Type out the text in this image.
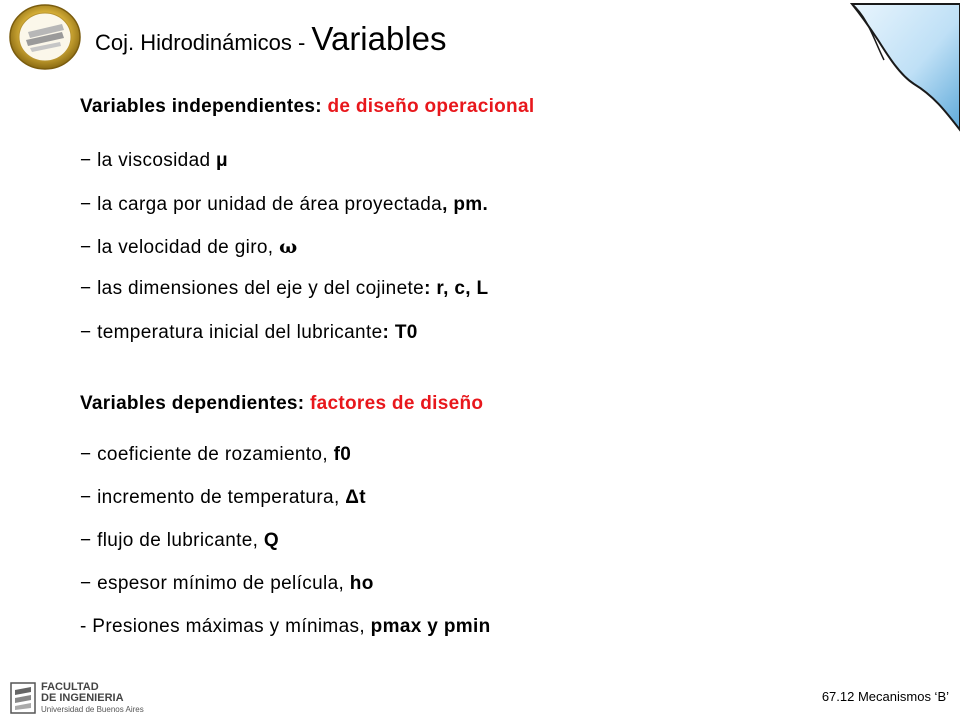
Coj. Hidrodinámicos - Variables
Variables independientes: de diseño operacional
− la viscosidad μ
− la carga por unidad de área proyectada, pm.
− la velocidad de giro, ω
− las dimensiones del eje y del cojinete: r, c, L
− temperatura inicial del lubricante: T0
Variables dependientes: factores de diseño
− coeficiente de rozamiento, f0
− incremento de temperatura, Δt
− flujo de lubricante, Q
− espesor mínimo de película, ho
- Presiones máximas y mínimas, pmax y pmin
FACULTAD
DE INGENIERIA
Universidad de Buenos Aires
67.12 Mecanismos ‘B’
